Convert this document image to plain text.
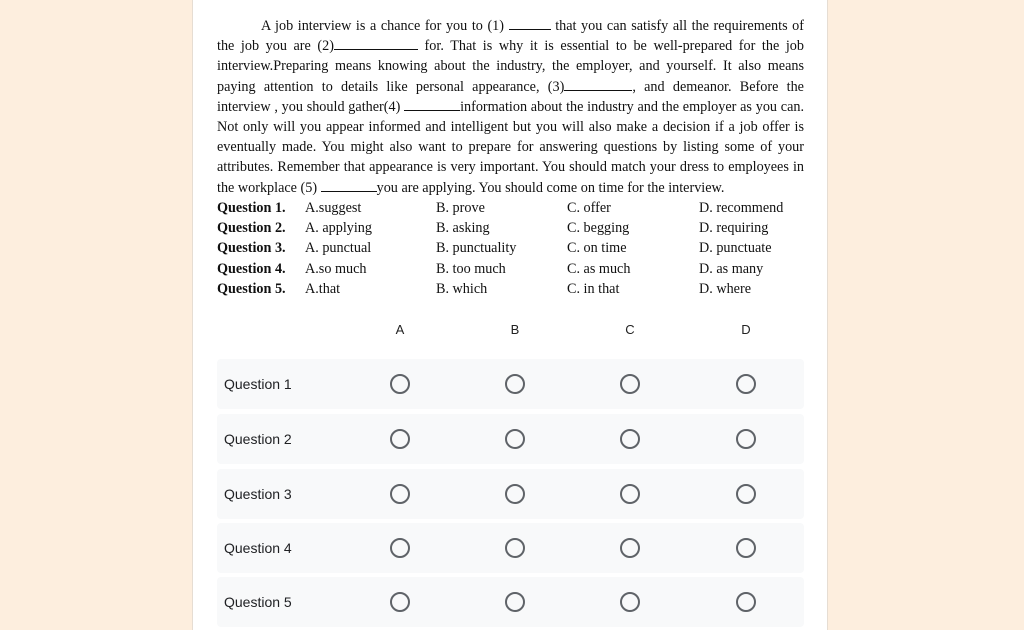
A job interview is a chance for you to (1)	that you can satisfy all the requirements of the job you are (2)	for. That is why it is essential to be well-prepared for the job interview.Preparing means knowing about the industry, the employer, and yourself. It also means paying attention to details like personal appearance, (3)	, and demeanor. Before the interview , you should gather(4)	information about the industry and the employer as you can. Not only will you appear informed and intelligent but you will also make a decision if a job offer is eventually made. You might also want to prepare for answering questions by listing some of your attributes. Remember that appearance is very important. You should match your dress to employees in the workplace (5)	you are applying. You should come on time for the interview.
Question 1. A.suggest	B. prove	C. offer	D. recommend
Question 2. A. applying	B. asking	C. begging	D. requiring
Question 3. A. punctual	B. punctuality	C. on time	D. punctuate
Question 4. A.so much	B. too much	C. as much	D. as many
Question 5. A.that	B. which	C. in that	D. where
A	B	C	D
Question 1
Question 2
Question 3
Question 4
Question 5
